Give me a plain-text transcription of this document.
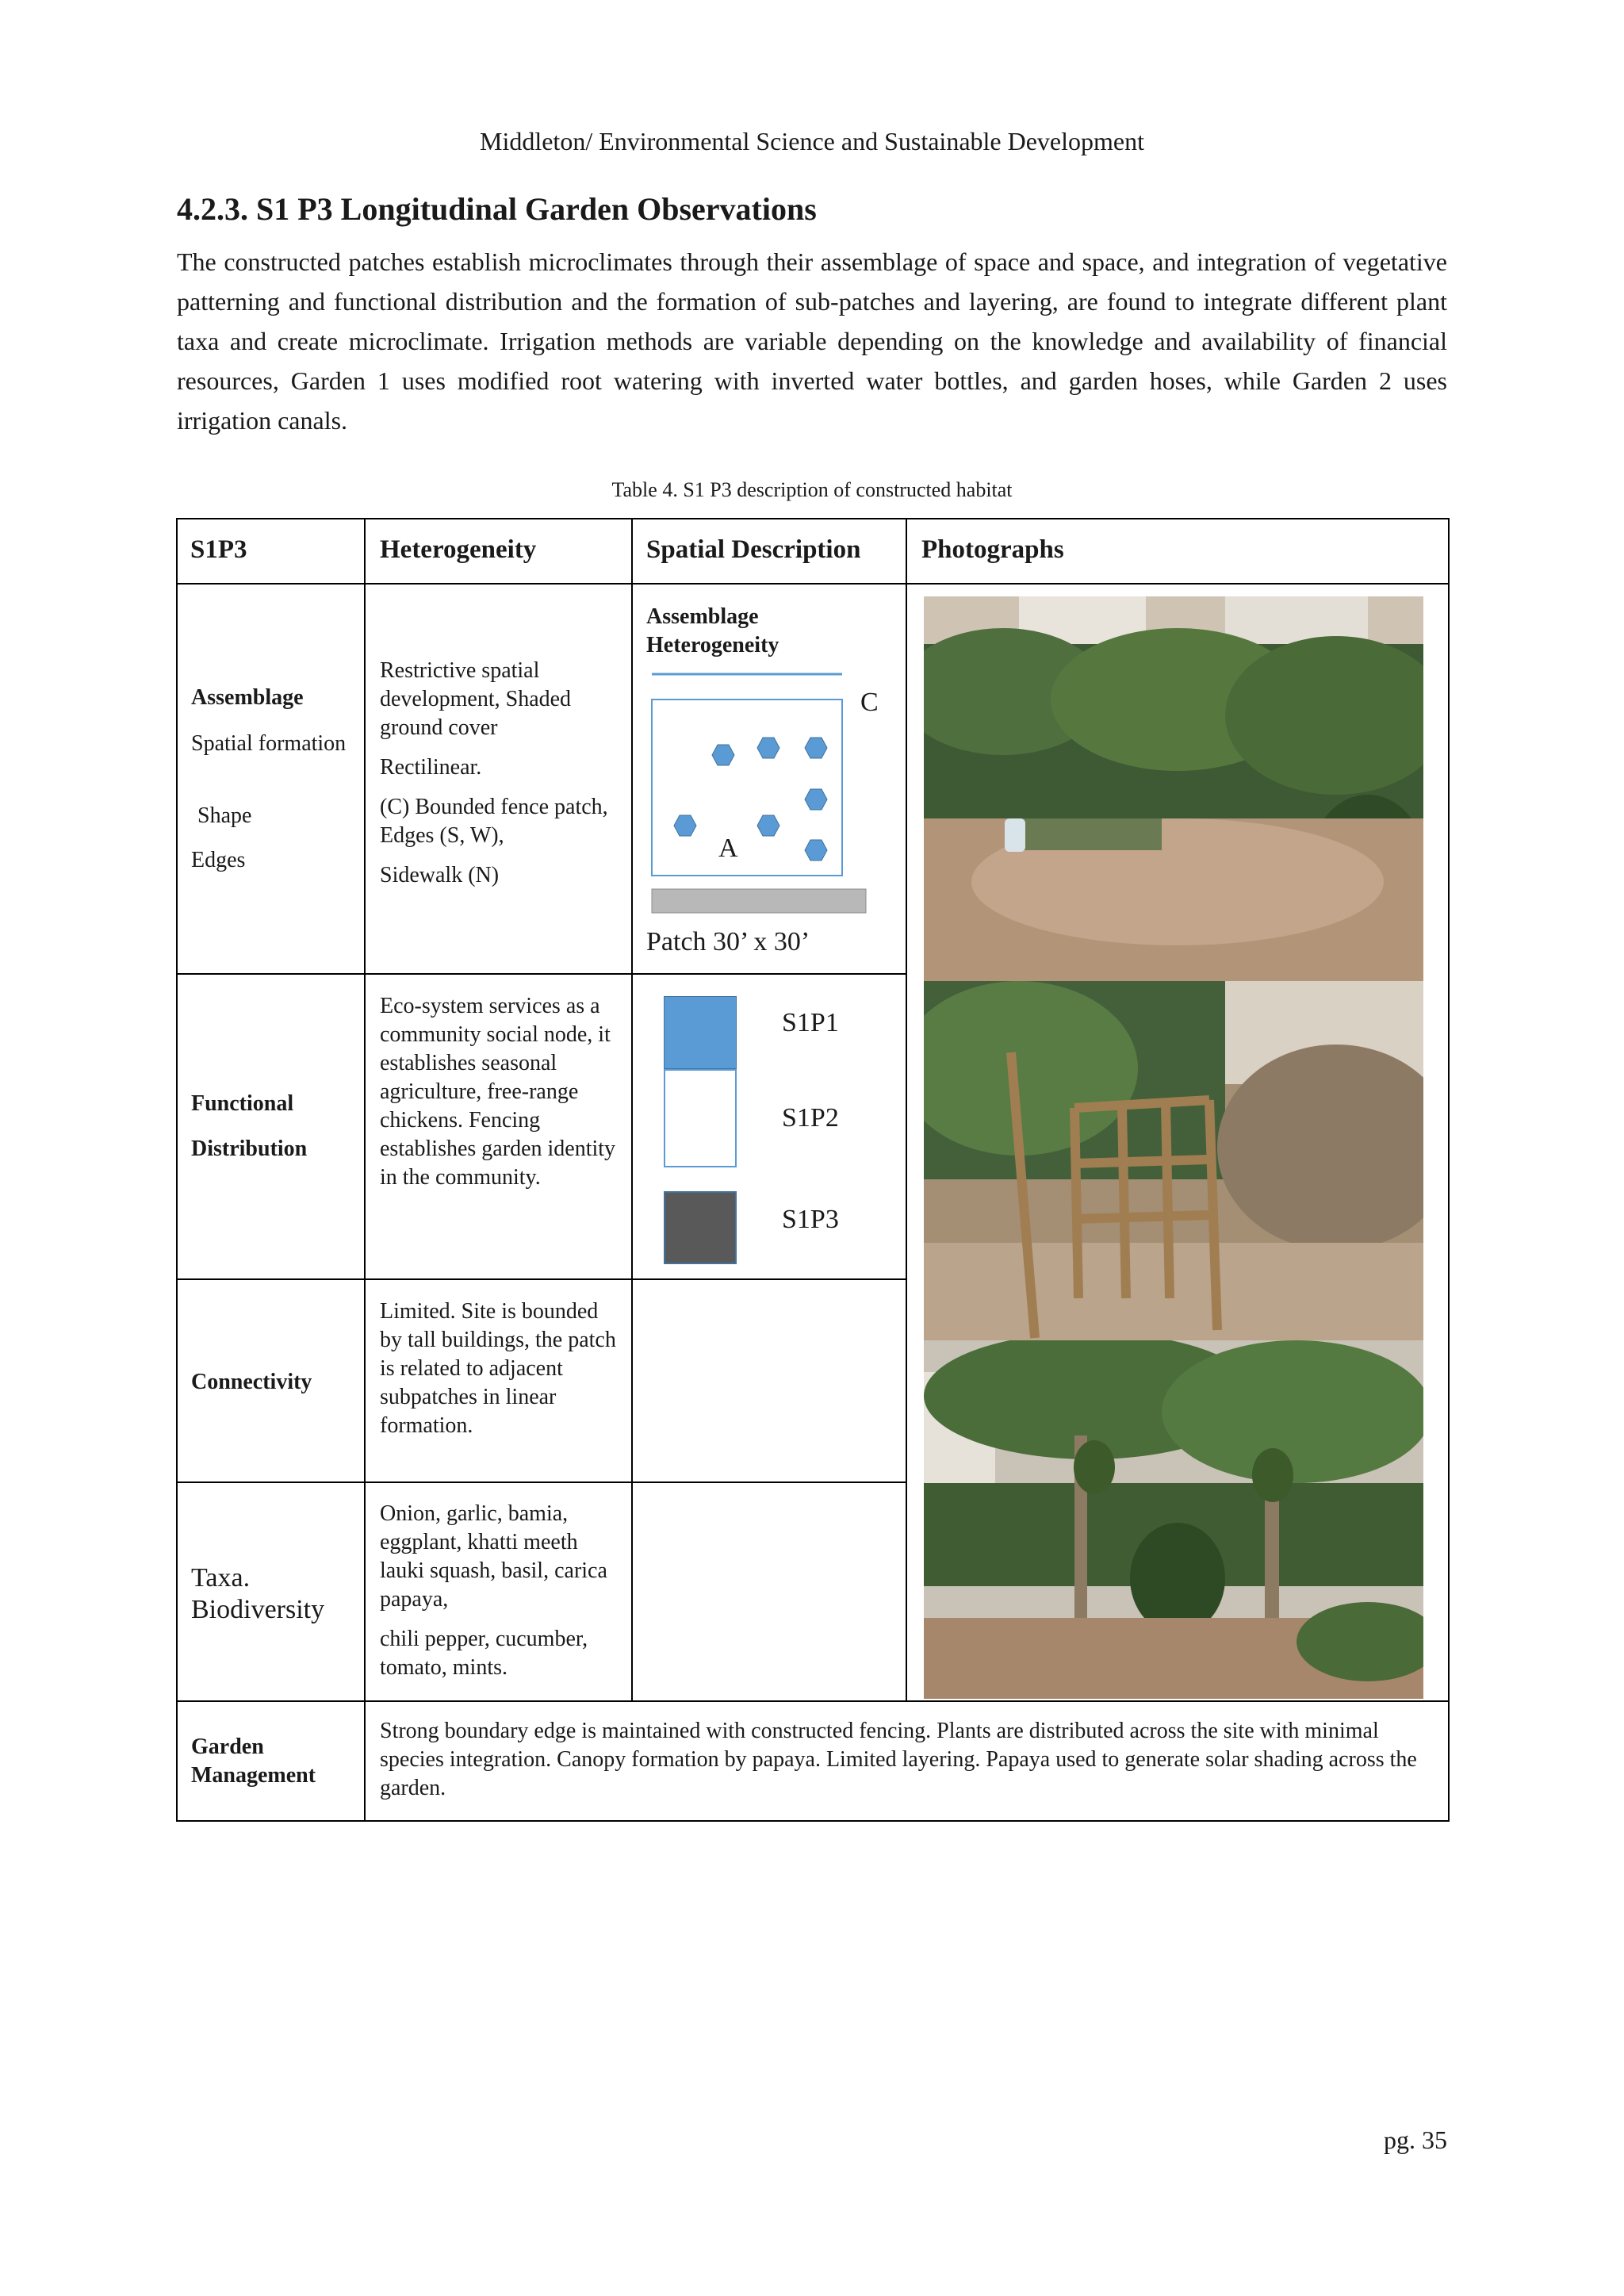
Middleton/ Environmental Science and Sustainable Development
4.2.3. S1 P3 Longitudinal Garden Observations

The constructed patches establish microclimates through their assemblage of space and space, and integration of vegetative patterning and functional distribution and the formation of sub-patches and layering, are found to integrate different plant taxa and create microclimate. Irrigation methods are variable depending on the knowledge and availability of financial resources, Garden 1 uses modified root watering with inverted water bottles, and garden hoses, while Garden 2 uses irrigation canals.

Table 4. S1 P3 description of constructed habitat
S1P3	Heterogeneity	Spatial Description Photographs
Assemblage
Spatial formation
Shape
Edges

Restrictive spatial development, Shaded ground cover

Rectilinear.

(C) Bounded fence patch, Edges (S, W),

Sidewalk (N)

Assemblage Heterogeneity
C
A
Patch 30’ x 30’
Functional
Distribution
Eco-system services as a community social node, it establishes seasonal agriculture, free-range chickens. Fencing establishes garden identity in the community.
S1P1
S1P2
S1P3
Connectivity
Limited. Site is bounded by tall buildings, the patch is related to adjacent subpatches in linear formation.

Taxa.

Biodiversity

Onion, garlic, bamia, eggplant, khatti meeth lauki squash, basil, carica papaya,

chili pepper, cucumber, tomato, mints.

Garden

Management

Strong boundary edge is maintained with constructed fencing. Plants are distributed across the site with minimal species integration. Canopy formation by papaya. Limited layering. Papaya used to generate solar shading across the garden.
pg. 35
